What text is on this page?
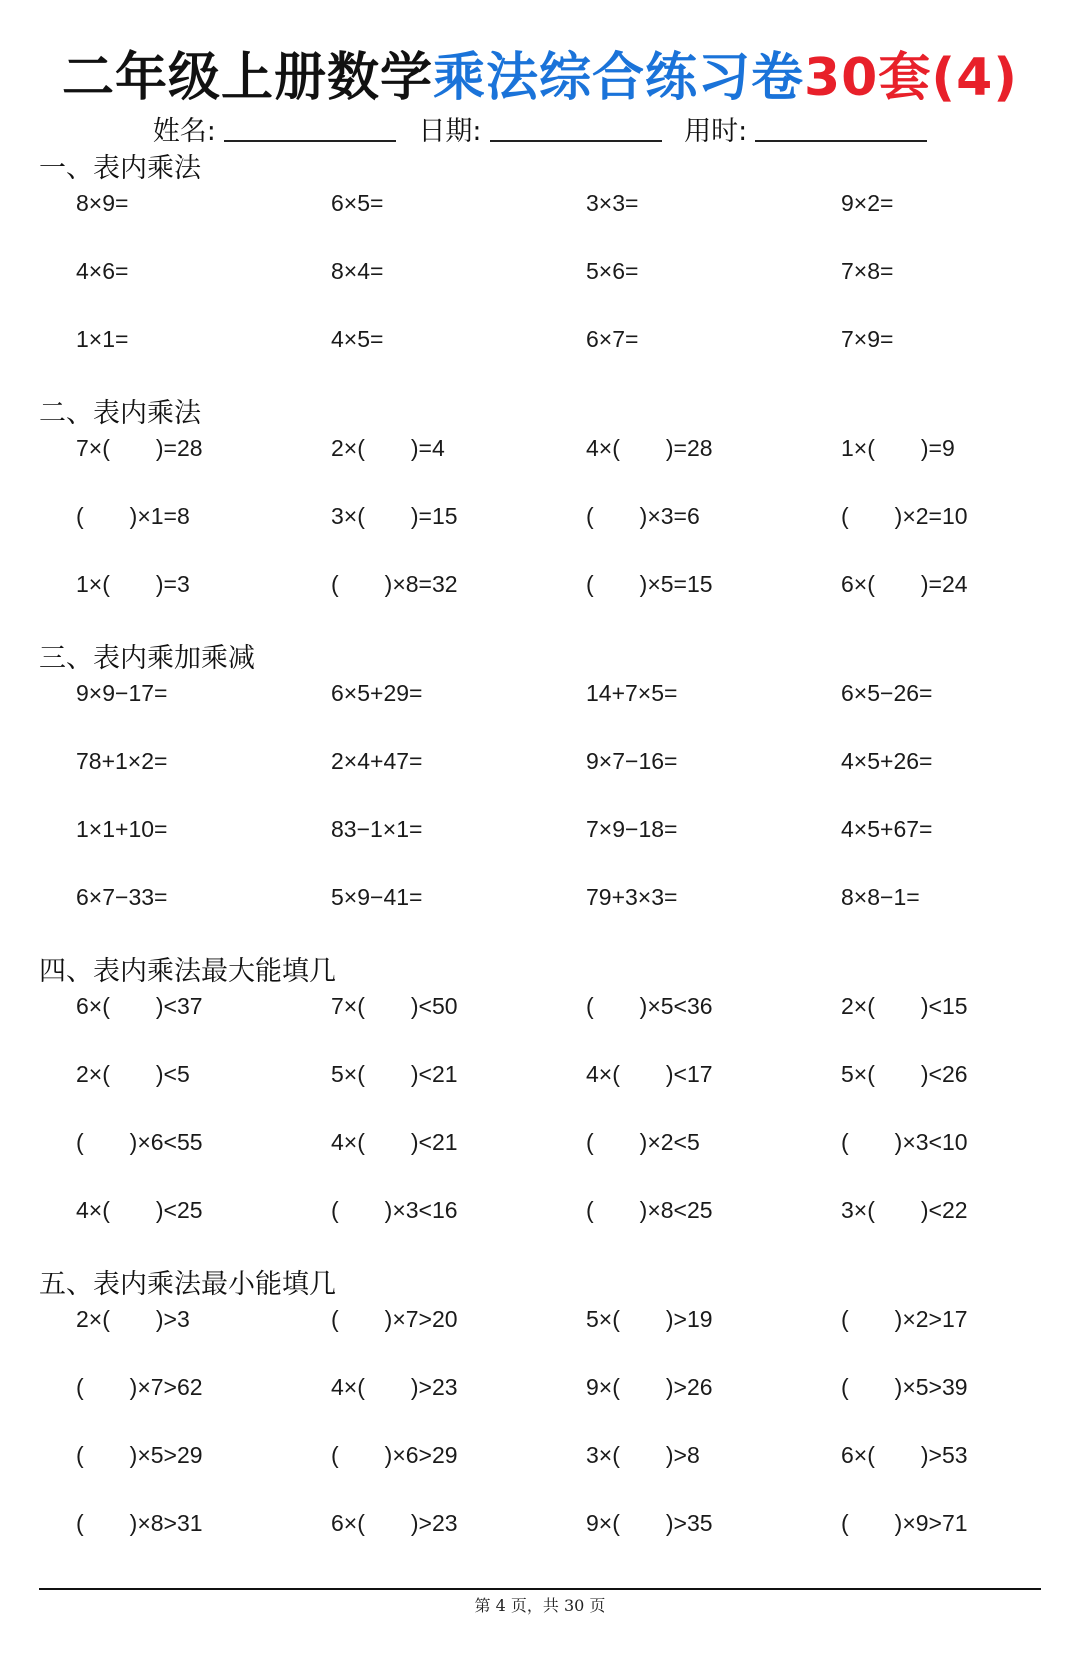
二年级上册数学乘法综合练习卷30套(4)
姓名:	日期:	用时:
一、表内乘法
8×9=	6×5=	3×3=	9×2=
4×6=	8×4=	5×6=	7×8=
1×1=	4×5=	6×7=	7×9=
二、表内乘法
7×(　　)=28	2×(　　)=4	4×(　　)=28	1×(　　)=9
(　　)×1=8	3×(　　)=15	(　　)×3=6	(　　)×2=10
1×(　　)=3	(　　)×8=32	(　　)×5=15	6×(　　)=24
三、表内乘加乘减
9×9−17=	6×5+29=	14+7×5=	6×5−26=
78+1×2=	2×4+47=	9×7−16=	4×5+26=
1×1+10=	83−1×1=	7×9−18=	4×5+67=
6×7−33=	5×9−41=	79+3×3=	8×8−1=
四、表内乘法最大能填几
6×(　　)<37	7×(　　)<50	(　　)×5<36	2×(　　)<15
2×(　　)<5	5×(　　)<21	4×(　　)<17	5×(　　)<26
(　　)×6<55	4×(　　)<21	(　　)×2<5	(　　)×3<10
4×(　　)<25	(　　)×3<16	(　　)×8<25	3×(　　)<22
五、表内乘法最小能填几
2×(　　)>3	(　　)×7>20	5×(　　)>19	(　　)×2>17
(　　)×7>62	4×(　　)>23	9×(　　)>26	(　　)×5>39
(　　)×5>29	(　　)×6>29	3×(　　)>8	6×(　　)>53
(　　)×8>31	6×(　　)>23	9×(　　)>35	(　　)×9>71
第 4 页，共 30 页
